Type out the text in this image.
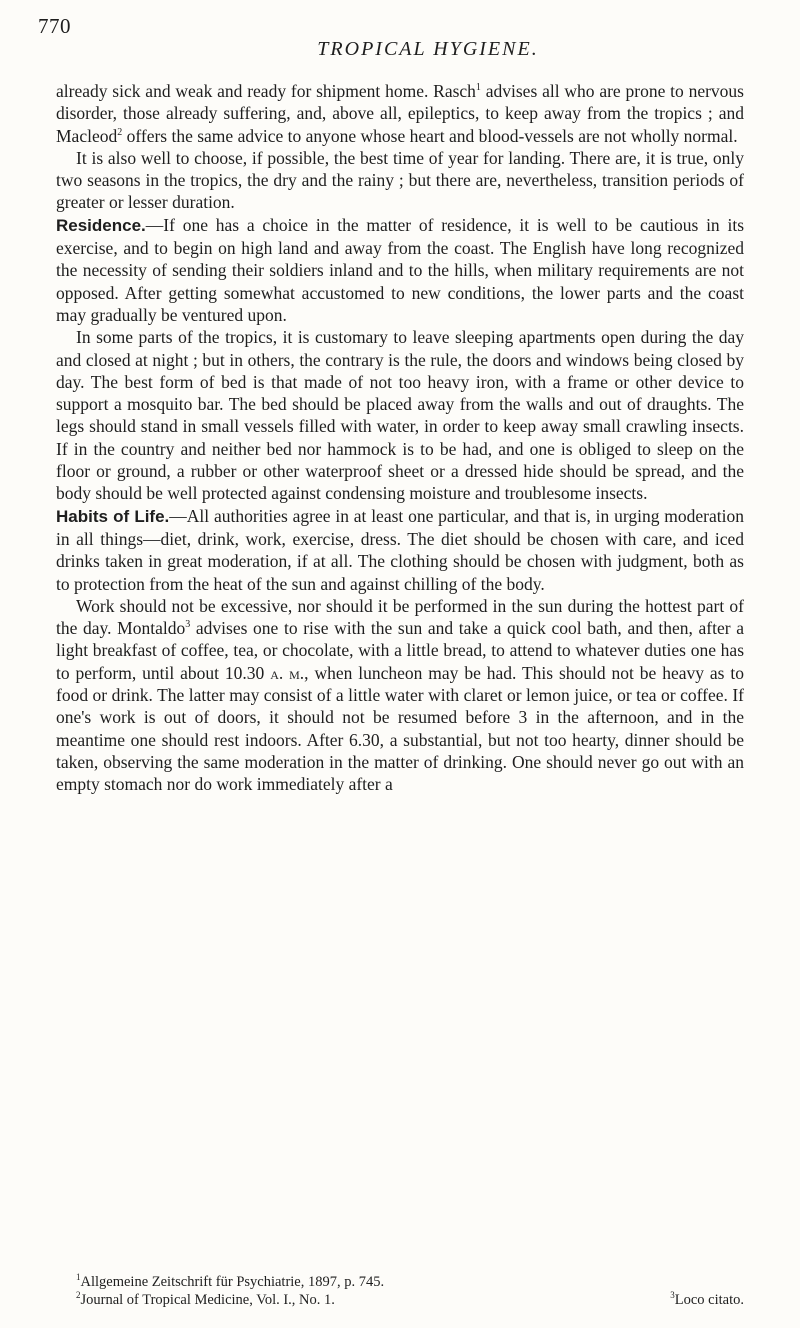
770
TROPICAL HYGIENE.

already sick and weak and ready for shipment home. Rasch$^1$ advises all who are prone to nervous disorder, those already suffering, and, above all, epileptics, to keep away from the tropics ; and Macleod$^2$ offers the same advice to anyone whose heart and blood-vessels are not wholly normal.

It is also well to choose, if possible, the best time of year for landing. There are, it is true, only two seasons in the tropics, the dry and the rainy ; but there are, nevertheless, transition periods of greater or lesser duration.

Residence.—If one has a choice in the matter of residence, it is well to be cautious in its exercise, and to begin on high land and away from the coast. The English have long recognized the necessity of sending their soldiers inland and to the hills, when military requirements are not opposed. After getting somewhat accustomed to new conditions, the lower parts and the coast may gradually be ventured upon.

In some parts of the tropics, it is customary to leave sleeping apartments open during the day and closed at night ; but in others, the contrary is the rule, the doors and windows being closed by day. The best form of bed is that made of not too heavy iron, with a frame or other device to support a mosquito bar. The bed should be placed away from the walls and out of draughts. The legs should stand in small vessels filled with water, in order to keep away small crawling insects. If in the country and neither bed nor hammock is to be had, and one is obliged to sleep on the floor or ground, a rubber or other waterproof sheet or a dressed hide should be spread, and the body should be well protected against condensing moisture and troublesome insects.

Habits of Life.—All authorities agree in at least one particular, and that is, in urging moderation in all things—diet, drink, work, exercise, dress. The diet should be chosen with care, and iced drinks taken in great moderation, if at all. The clothing should be chosen with judgment, both as to protection from the heat of the sun and against chilling of the body.

Work should not be excessive, nor should it be performed in the sun during the hottest part of the day. Montaldo$^3$ advises one to rise with the sun and take a quick cool bath, and then, after a light breakfast of coffee, tea, or chocolate, with a little bread, to attend to whatever duties one has to perform, until about 10.30 a. m., when luncheon may be had. This should not be heavy as to food or drink. The latter may consist of a little water with claret or lemon juice, or tea or coffee. If one's work is out of doors, it should not be resumed before 3 in the afternoon, and in the meantime one should rest indoors. After 6.30, a substantial, but not too hearty, dinner should be taken, observing the same moderation in the matter of drinking. One should never go out with an empty stomach nor do work immediately after a

$^1$Allgemeine Zeitschrift für Psychiatrie, 1897, p. 745.
$^2$Journal of Tropical Medicine, Vol. I., No. 1.	$^3$Loco citato.
